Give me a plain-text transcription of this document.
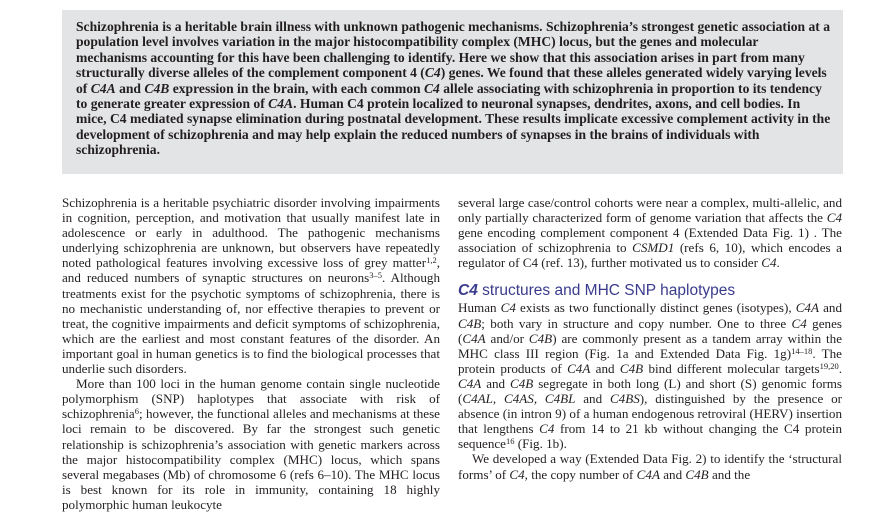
Schizophrenia is a heritable brain illness with unknown pathogenic mechanisms. Schizophrenia’s strongest genetic association at a population level involves variation in the major histocompatibility complex (MHC) locus, but the genes and molecular mechanisms accounting for this have been challenging to identify. Here we show that this association arises in part from many structurally diverse alleles of the complement component 4 (C4) genes. We found that these alleles generated widely varying levels of C4A and C4B expression in the brain, with each common C4 allele associating with schizophrenia in proportion to its tendency to generate greater expression of C4A. Human C4 protein localized to neuronal synapses, dendrites, axons, and cell bodies. In mice, C4 mediated synapse elimination during postnatal development. These results implicate excessive complement activity in the development of schizophrenia and may help explain the reduced numbers of synapses in the brains of individuals with schizophrenia.

Schizophrenia is a heritable psychiatric disorder involving impairments in cognition, perception, and motivation that usually manifest late in adolescence or early in adulthood. The pathogenic mechanisms underlying schizophrenia are unknown, but observers have repeatedly noted pathological features involving excessive loss of grey matter$^{1,2}$, and reduced numbers of synaptic structures on neurons$^{3-5}$. Although treatments exist for the psychotic symptoms of schizophrenia, there is no mechanistic understanding of, nor effective therapies to prevent or treat, the cognitive impairments and deficit symptoms of schizophrenia, which are the earliest and most constant features of the disorder. An important goal in human genetics is to find the biological processes that underlie such disorders.

More than 100 loci in the human genome contain single nucleotide polymorphism (SNP) haplotypes that associate with risk of schizophrenia$^6$; however, the functional alleles and mechanisms at these loci remain to be discovered. By far the strongest such genetic relationship is schizophrenia’s association with genetic markers across the major histocompatibility complex (MHC) locus, which spans several megabases (Mb) of chromosome 6 (refs 6–10). The MHC locus is best known for its role in immunity, containing 18 highly polymorphic human leukocyte

several large case/control cohorts were near a complex, multi-allelic, and only partially characterized form of genome variation that affects the C4 gene encoding complement component 4 (Extended Data Fig. 1) . The association of schizophrenia to CSMD1 (refs 6, 10), which encodes a regulator of C4 (ref. 13), further motivated us to consider C4.

C4 structures and MHC SNP haplotypes

Human C4 exists as two functionally distinct genes (isotypes), C4A and C4B; both vary in structure and copy number. One to three C4 genes (C4A and/or C4B) are commonly present as a tandem array within the MHC class III region (Fig. 1a and Extended Data Fig. 1g)$^{14-18}$. The protein products of C4A and C4B bind different molecular targets$^{19,20}$. C4A and C4B segregate in both long (L) and short (S) genomic forms (C4AL, C4AS, C4BL and C4BS), distinguished by the presence or absence (in intron 9) of a human endogenous retroviral (HERV) insertion that lengthens C4 from 14 to 21 kb without changing the C4 protein sequence$^{16}$ (Fig. 1b).

We developed a way (Extended Data Fig. 2) to identify the ‘structural forms’ of C4, the copy number of C4A and C4B and the
